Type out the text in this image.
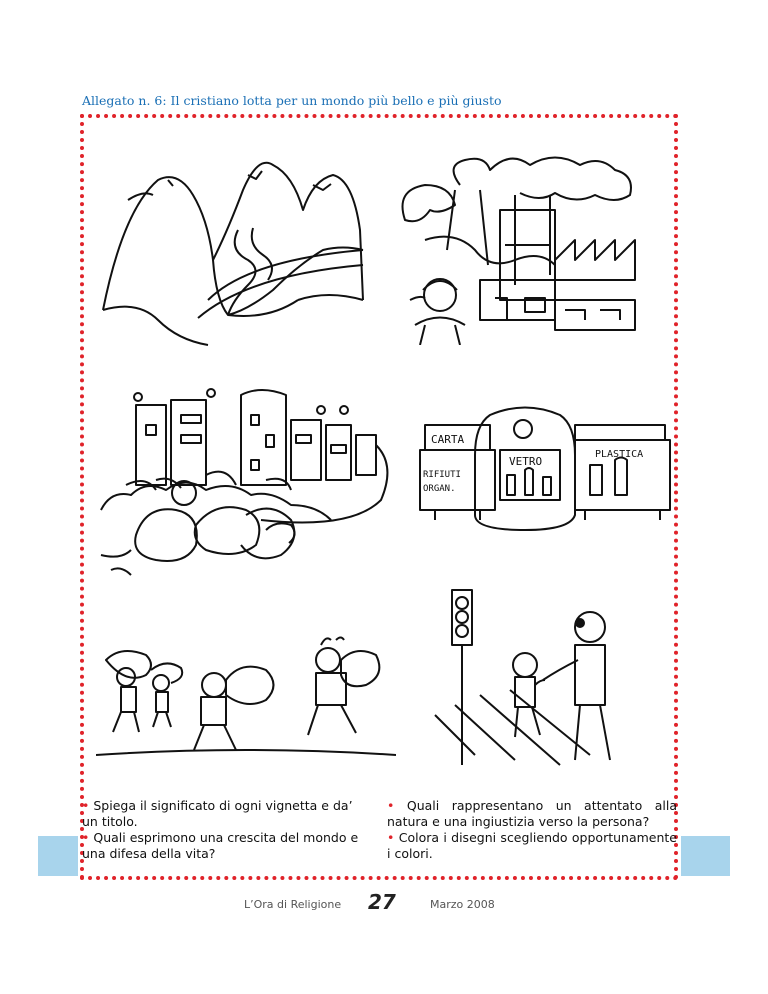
Allegato n. 6: Il cristiano lotta per un mondo più bello e più giusto
CARTA
VETRO
PLASTICA
RIFIUTI
ORGAN.

• Spiega il significato di ogni vignetta e da’ un titolo.

• Quali esprimono una crescita del mondo e una difesa della vita?

• Quali rappresentano un attentato alla natura e una ingiustizia verso la persona?

• Colora i disegni scegliendo opportunamente i colori.

L’Ora di Religione 27	Marzo 2008
